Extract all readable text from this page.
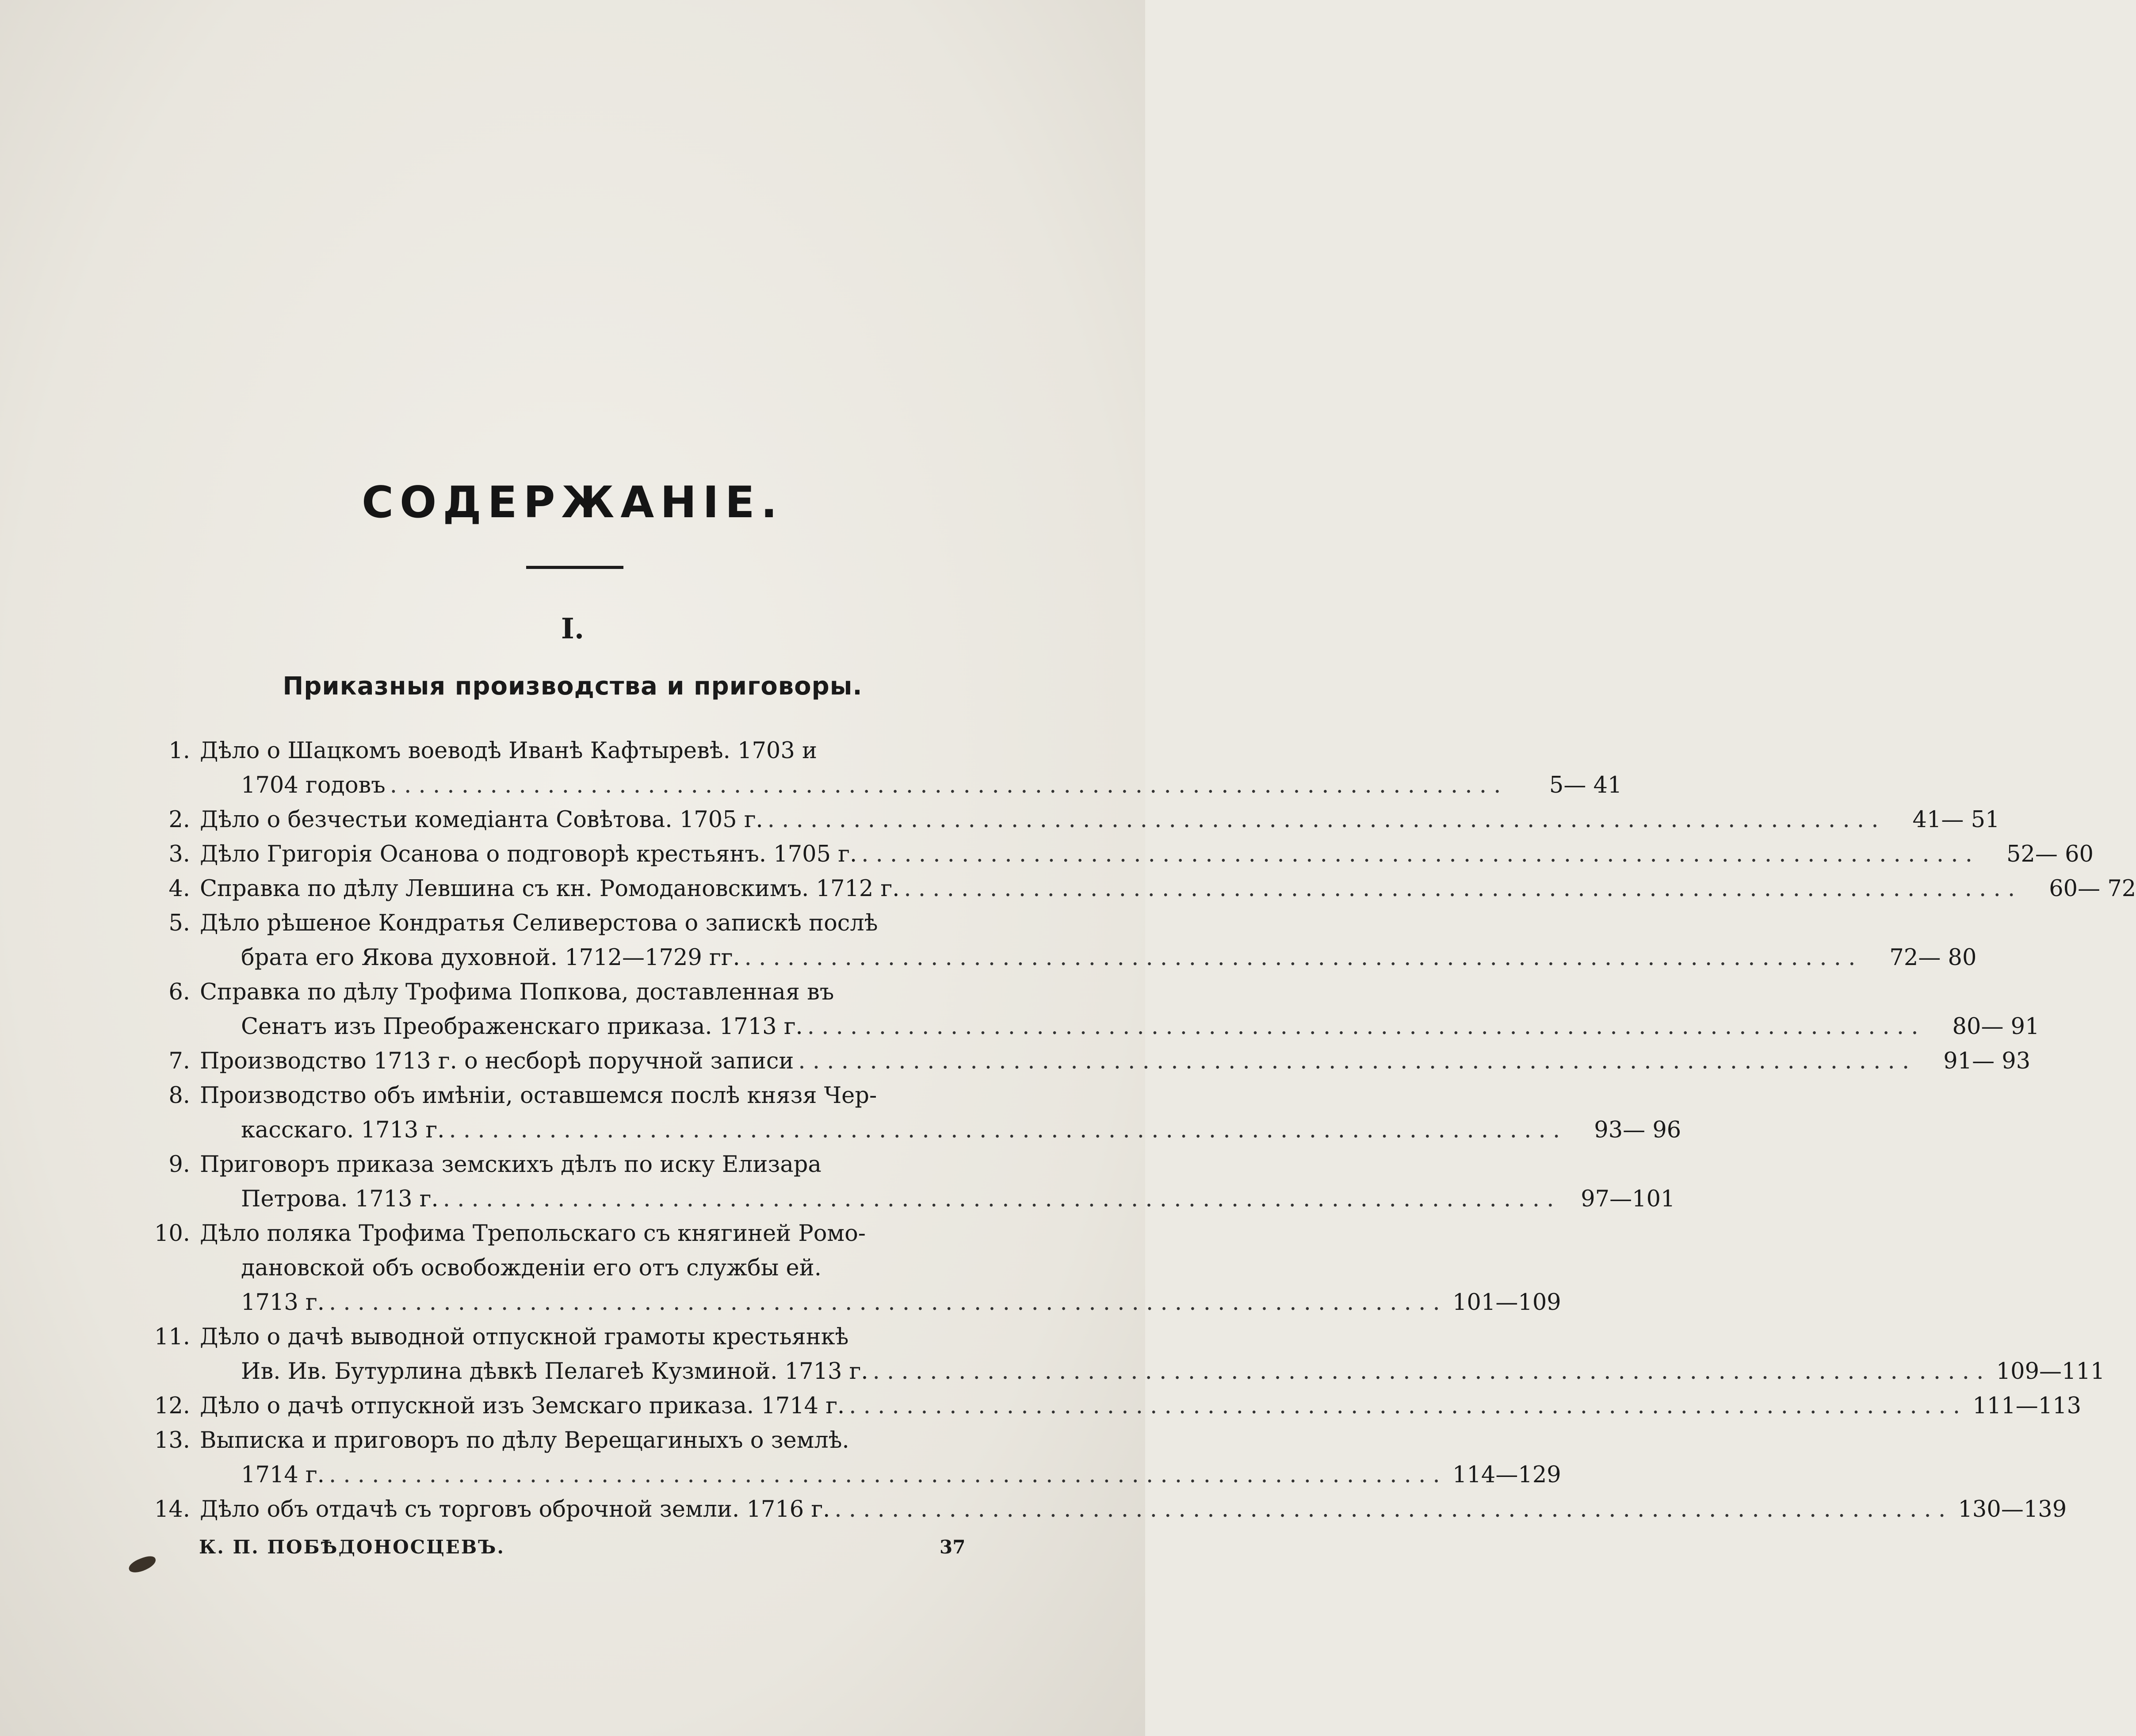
СОДЕРЖАНІЕ.
I.
Приказныя производства и приговоры.
1. Дѣло о Шацкомъ воеводѣ Иванѣ Кафтыревѣ. 1703 и
1704 годовъ . . .	5— 41
2. Дѣло о безчестьи комедіанта Совѣтова. 1705 г. . . .	41— 51
3. Дѣло Григорія Осанова о подговорѣ крестьянъ. 1705 г. . . .	52— 60
4. Справка по дѣлу Левшина съ кн. Ромодановскимъ. 1712 г. . . .	60— 72
5. Дѣло рѣшеное Кондратья Селиверстова о запискѣ послѣ
брата его Якова духовной. 1712—1729 гг. . . .	72— 80
6. Справка по дѣлу Трофима Попкова, доставленная въ
Сенатъ изъ Преображенскаго приказа. 1713 г. . . .	80— 91
7. Производство 1713 г. о несборѣ поручной записи . . .	91— 93
8. Производство объ имѣніи, оставшемся послѣ князя Чер-
касскаго. 1713 г. . . .	93— 96
9. Приговоръ приказа земскихъ дѣлъ по иску Елизара
Петрова. 1713 г. . . .	97—101
10. Дѣло поляка Трофима Трепольскаго съ княгиней Ромо-
дановской объ освобожденіи его отъ службы ей.
1713 г. . . .	101—109
11. Дѣло о дачѣ выводной отпускной грамоты крестьянкѣ
Ив. Ив. Бутурлина дѣвкѣ Пелагеѣ Кузминой. 1713 г. . . .	109—111
12. Дѣло о дачѣ отпускной изъ Земскаго приказа. 1714 г. . . .	111—113
13. Выписка и приговоръ по дѣлу Верещагиныхъ о землѣ.
1714 г. . . .	114—129
14. Дѣло объ отдачѣ съ торговъ оброчной земли. 1716 г. . . .	130—139
К. П. ПОБѢДОНОСЦЕВЪ.	37
